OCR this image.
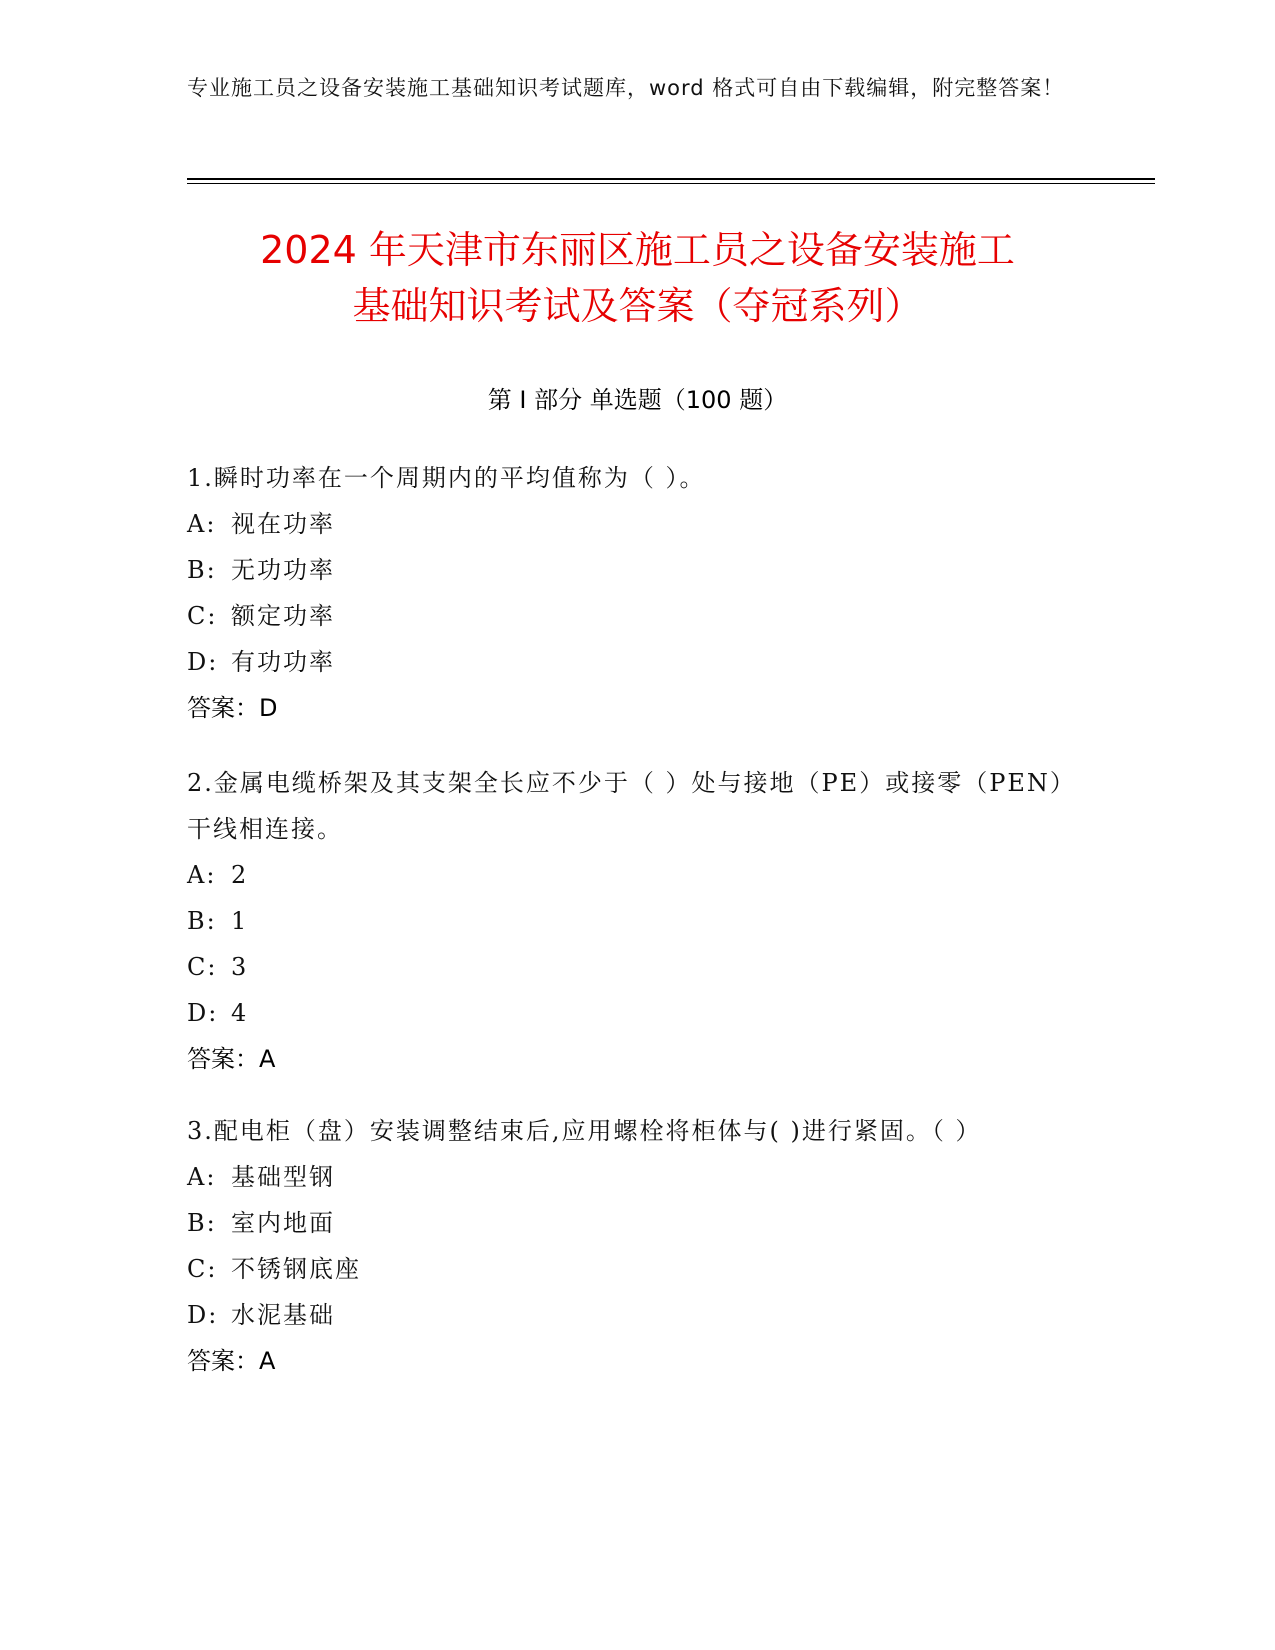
专业施工员之设备安装施工基础知识考试题库，word 格式可自由下载编辑，附完整答案！
2024 年天津市东丽区施工员之设备安装施工
基础知识考试及答案（夺冠系列）
第 I 部分 单选题（100 题）

1.瞬时功率在一个周期内的平均值称为（ ）。

A: 视在功率

B: 无功功率

C: 额定功率

D: 有功功率

答案：D

2.金属电缆桥架及其支架全长应不少于（ ）处与接地（PE）或接零（PEN）干线相连接。

A: 2

B: 1

C: 3

D: 4

答案：A

3.配电柜（盘）安装调整结束后,应用螺栓将柜体与( )进行紧固。（ ）

A: 基础型钢

B: 室内地面

C: 不锈钢底座

D: 水泥基础

答案：A
